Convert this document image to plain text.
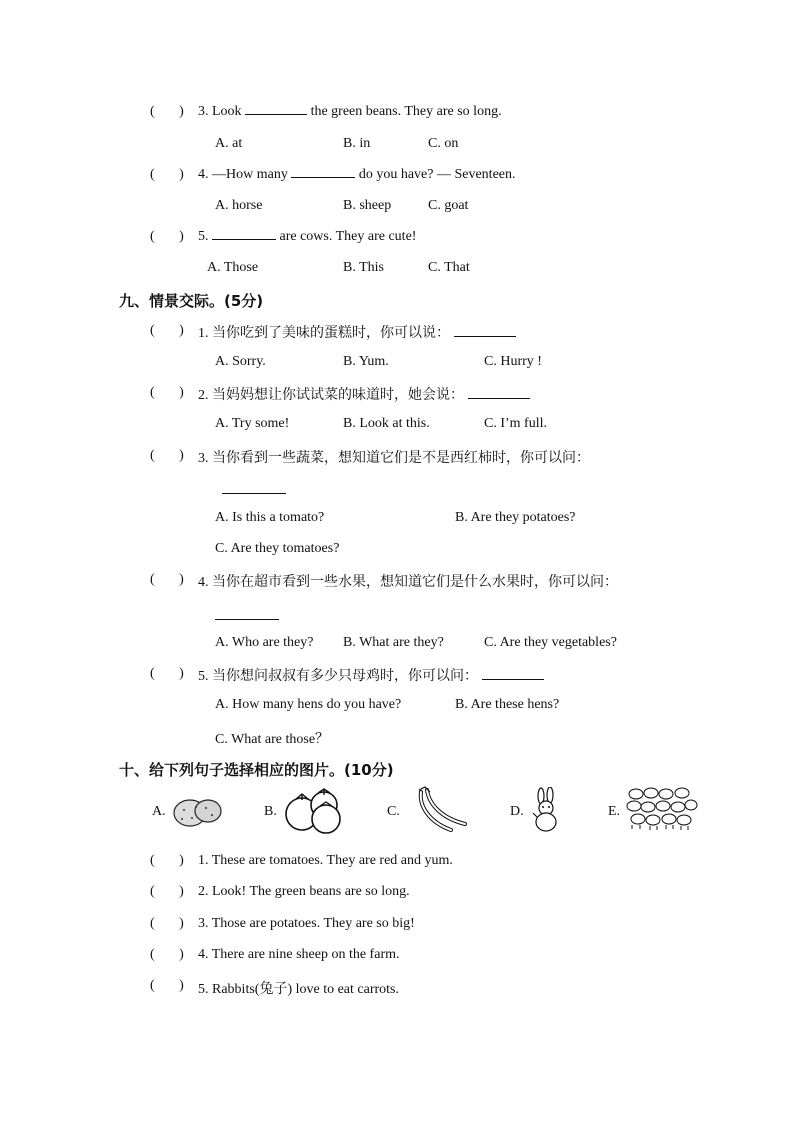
(       ) 3. Look	the green beans. They are so long.
A. at	B. in	C. on
(       ) 4. —How many	do you have? — Seventeen.
A. horse	B. sheep	C. goat
(       ) 5.	are cows. They are cute!
A. Those	B. This	C. That
九、情景交际。(5分)
(       ) 1. 当你吃到了美味的蛋糕时，你可以说：
A. Sorry.	B. Yum.	C. Hurry !
(       ) 2. 当妈妈想让你试试菜的味道时，她会说：
A. Try some!	B. Look at this.	C. I’m full.
(       ) 3. 当你看到一些蔬菜，想知道它们是不是西红柿时，你可以问：
A. Is this a tomato?	B. Are they potatoes?
C. Are they tomatoes?
(       ) 4. 当你在超市看到一些水果，想知道它们是什么水果时，你可以问：
A. Who are they? B. What are they?	C. Are they vegetables?
(       ) 5. 当你想问叔叔有多少只母鸡时，你可以问：
A. How many hens do you have?	B. Are these hens?
C. What are those？
十、给下列句子选择相应的图片。(10分)
A.	B.	C.	D.	E.
(       ) 1. These are tomatoes. They are red and yum.
(       ) 2. Look! The green beans are so long.
(       ) 3. Those are potatoes. They are so big!
(       ) 4. There are nine sheep on the farm.
(       ) 5. Rabbits(兔子) love to eat carrots.
